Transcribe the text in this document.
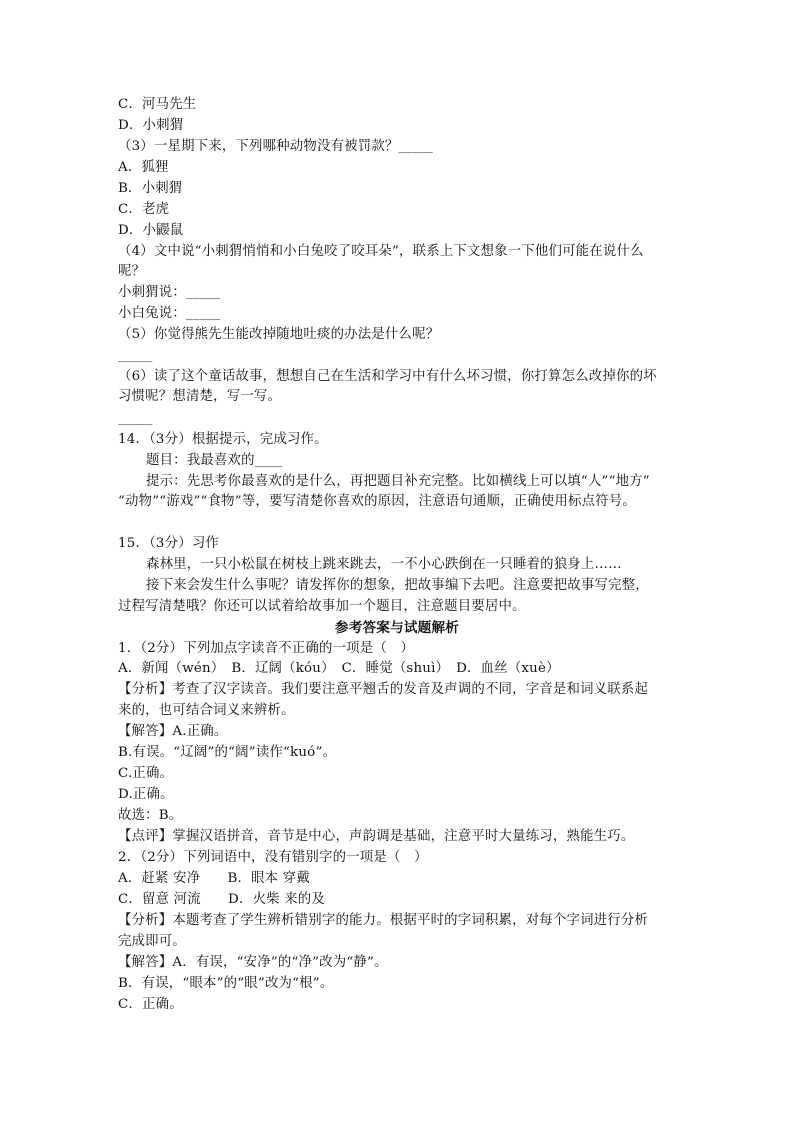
C．河马先生
D．小刺猬
（3）一星期下来，下列哪种动物没有被罚款？_____
A．狐狸
B．小刺猬
C．老虎
D．小鼹鼠
（4）文中说“小刺猬悄悄和小白兔咬了咬耳朵”，联系上下文想象一下他们可能在说什么
呢？
小刺猬说：_____
小白兔说：_____
（5）你觉得熊先生能改掉随地吐痰的办法是什么呢？
_____
（6）读了这个童话故事，想想自己在生活和学习中有什么坏习惯，你打算怎么改掉你的坏
习惯呢？想清楚，写一写。
_____
14．（3分）根据提示，完成习作。
题目：我最喜欢的____
提示：先思考你最喜欢的是什么，再把题目补充完整。比如横线上可以填“人”“地方”
“动物”“游戏”“食物”等，要写清楚你喜欢的原因，注意语句通顺，正确使用标点符号。
15．（3分）习作
森林里，一只小松鼠在树枝上跳来跳去，一不小心跌倒在一只睡着的狼身上……
接下来会发生什么事呢？请发挥你的想象，把故事编下去吧。注意要把故事写完整，
过程写清楚哦？你还可以试着给故事加一个题目，注意题目要居中。
参考答案与试题解析
1．（2分）下列加点字读音不正确的一项是（　）
A．新闻（wén）　B．辽阔（kóu）　C．睡觉（shuì）　D．血丝（xuè）
【分析】考查了汉字读音。我们要注意平翘舌的发音及声调的不同，字音是和词义联系起
来的，也可结合词义来辨析。
【解答】A.正确。
B.有误。“辽阔”的“阔”读作“kuó”。
C.正确。
D.正确。
故选：B。
【点评】掌握汉语拼音，音节是中心，声韵调是基础，注意平时大量练习，熟能生巧。
2．（2分）下列词语中，没有错别字的一项是（　）
A．赶紧 安净　　B．眼本 穿戴
C．留意 河流　　D．火柴 来的及
【分析】本题考查了学生辨析错别字的能力。根据平时的字词积累，对每个字词进行分析
完成即可。
【解答】A．有误，“安净”的“净”改为“静”。
B．有误，“眼本”的“眼”改为“根”。
C．正确。
